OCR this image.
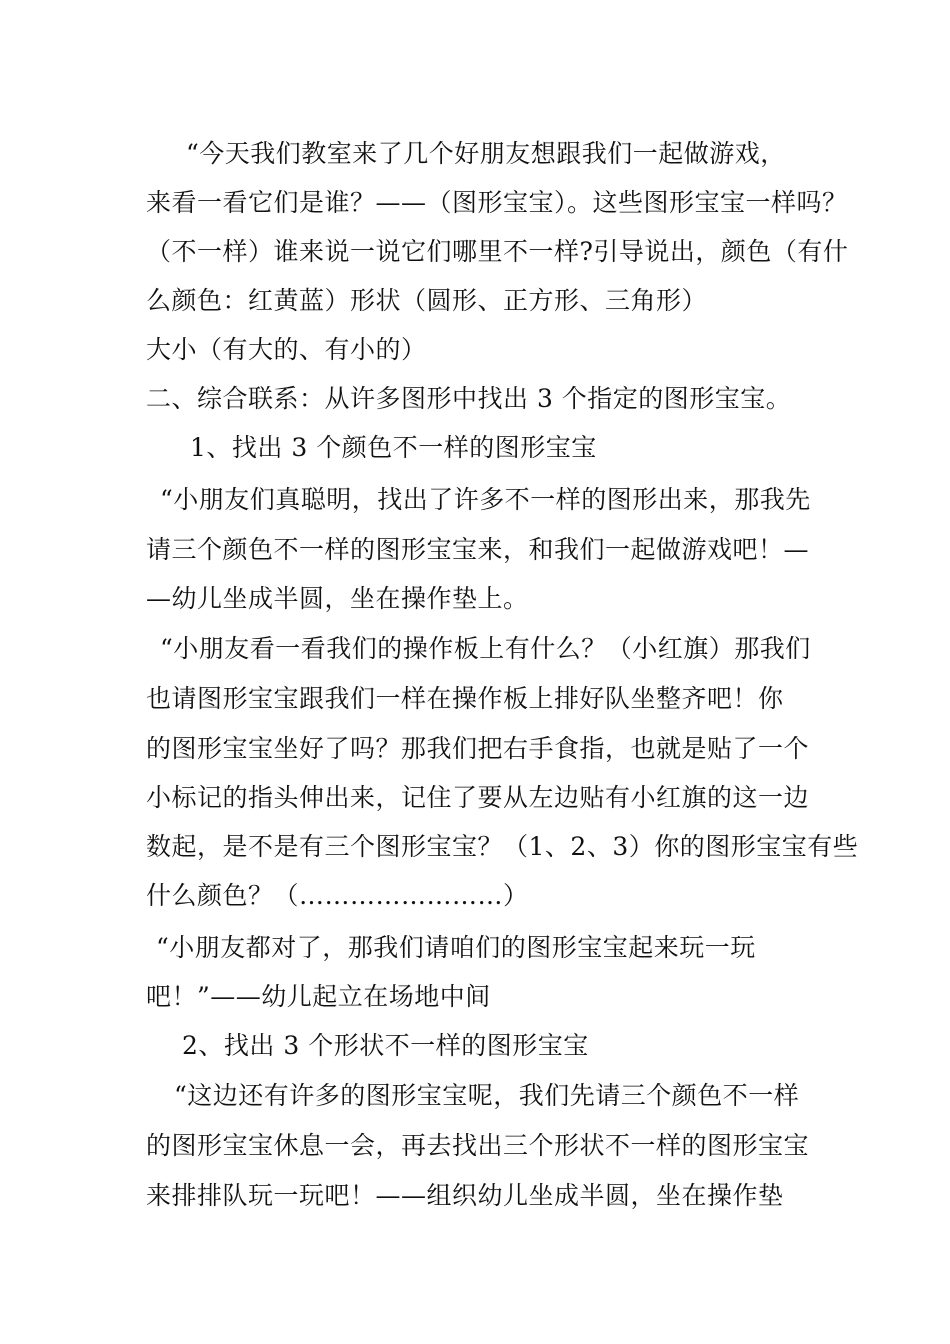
“今天我们教室来了几个好朋友想跟我们一起做游戏，
来看一看它们是谁？——（图形宝宝）。这些图形宝宝一样吗？
（不一样）谁来说一说它们哪里不一样?引导说出，颜色（有什
么颜色：红黄蓝）形状（圆形、正方形、三角形）
大小（有大的、有小的）
二、综合联系：从许多图形中找出 3 个指定的图形宝宝。
1、找出 3 个颜色不一样的图形宝宝
“小朋友们真聪明，找出了许多不一样的图形出来，那我先
请三个颜色不一样的图形宝宝来，和我们一起做游戏吧！—
—幼儿坐成半圆，坐在操作垫上。
“小朋友看一看我们的操作板上有什么？（小红旗）那我们
也请图形宝宝跟我们一样在操作板上排好队坐整齐吧！你
的图形宝宝坐好了吗？那我们把右手食指，也就是贴了一个
小标记的指头伸出来，记住了要从左边贴有小红旗的这一边
数起，是不是有三个图形宝宝？（1、2、3）你的图形宝宝有些
什么颜色？（……………………）
“小朋友都对了，那我们请咱们的图形宝宝起来玩一玩
吧！”——幼儿起立在场地中间
2、找出 3 个形状不一样的图形宝宝
“这边还有许多的图形宝宝呢，我们先请三个颜色不一样
的图形宝宝休息一会，再去找出三个形状不一样的图形宝宝
来排排队玩一玩吧！——组织幼儿坐成半圆，坐在操作垫
